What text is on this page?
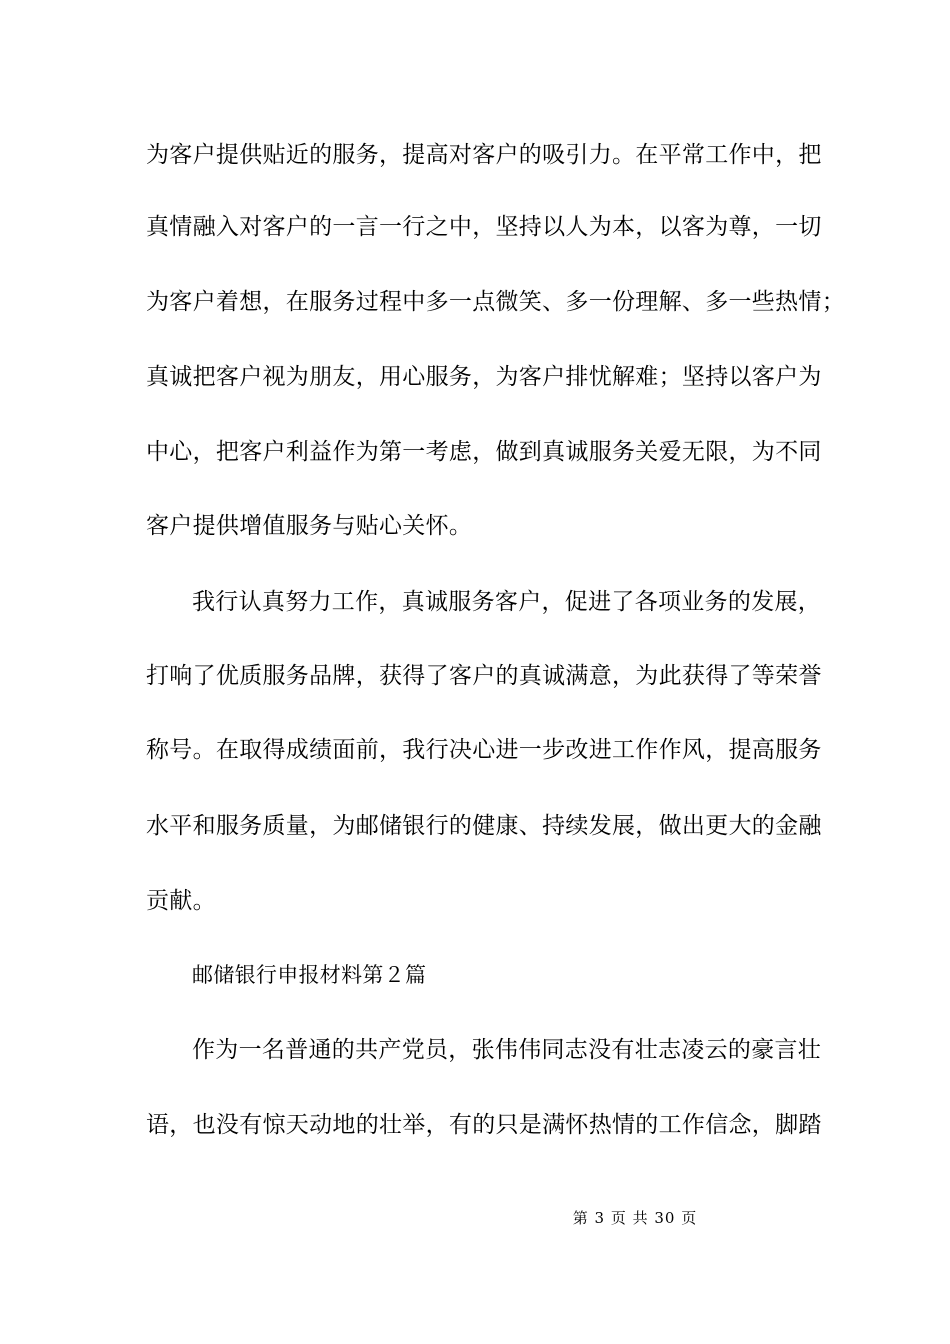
为客户提供贴近的服务，提高对客户的吸引力。在平常工作中，把
真情融入对客户的一言一行之中，坚持以人为本，以客为尊，一切
为客户着想，在服务过程中多一点微笑、多一份理解、多一些热情；
真诚把客户视为朋友，用心服务，为客户排忧解难；坚持以客户为
中心，把客户利益作为第一考虑，做到真诚服务关爱无限，为不同
客户提供增值服务与贴心关怀。
我行认真努力工作，真诚服务客户，促进了各项业务的发展，
打响了优质服务品牌，获得了客户的真诚满意，为此获得了等荣誉
称号。在取得成绩面前，我行决心进一步改进工作作风，提高服务
水平和服务质量，为邮储银行的健康、持续发展，做出更大的金融
贡献。
邮储银行申报材料第２篇
作为一名普通的共产党员，张伟伟同志没有壮志凌云的豪言壮
语，也没有惊天动地的壮举，有的只是满怀热情的工作信念，脚踏
第 3 页 共 30 页
